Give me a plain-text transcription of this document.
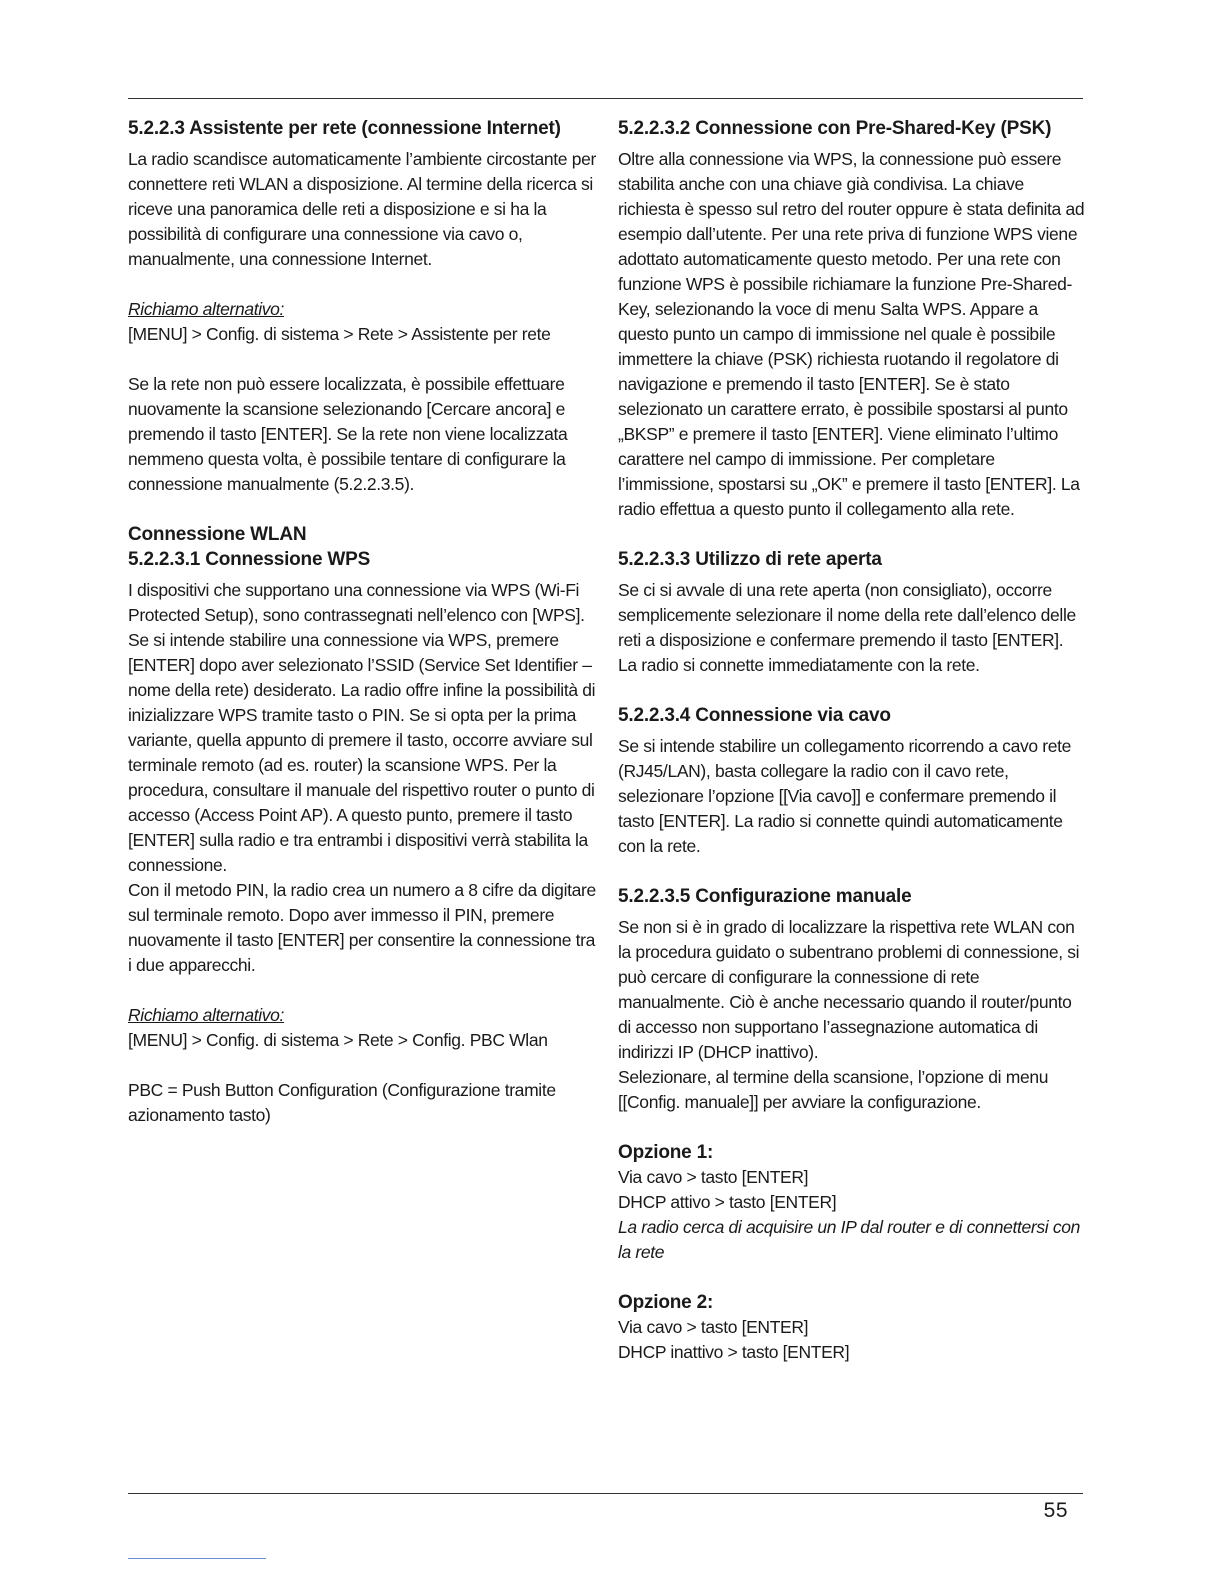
5.2.2.3 Assistente per rete (connessione Internet)

La radio scandisce automaticamente l’ambiente circostante per connettere reti WLAN a disposizione. Al termine della ricerca si riceve una panoramica delle reti a disposizione e si ha la possibilità di configurare una connessione via cavo o, manualmente, una connessione Internet.

Richiamo alternativo:

[MENU] > Config. di sistema > Rete > Assistente per rete

Se la rete non può essere localizzata, è possibile effettuare nuovamente la scansione selezionando [Cercare ancora] e premendo il tasto [ENTER]. Se la rete non viene localizzata nemmeno questa volta, è possibile tentare di configurare la connessione manualmente (5.2.2.3.5).

Connessione WLAN
5.2.2.3.1 Connessione WPS

I dispositivi che supportano una connessione via WPS (Wi-Fi Protected Setup), sono contrassegnati nell’elenco con [WPS]. Se si intende stabilire una connessione via WPS, premere [ENTER] dopo aver selezionato l’SSID (Service Set Identifier – nome della rete) desiderato. La radio offre infine la possibilità di inizializzare WPS tramite tasto o PIN. Se si opta per la prima variante, quella appunto di premere il tasto, occorre avviare sul terminale remoto (ad es. router) la scansione WPS. Per la procedura, consultare il manuale del rispettivo router o punto di accesso (Access Point AP). A questo punto, premere il tasto [ENTER] sulla radio e tra entrambi i dispositivi verrà stabilita la connessione.

Con il metodo PIN, la radio crea un numero a 8 cifre da digitare sul terminale remoto. Dopo aver immesso il PIN, premere nuovamente il tasto [ENTER] per consentire la connessione tra i due apparecchi.

Richiamo alternativo:

[MENU] > Config. di sistema > Rete > Config. PBC Wlan

PBC = Push Button Configuration (Configurazione tramite azionamento tasto)

5.2.2.3.2 Connessione con Pre-Shared-Key (PSK)

Oltre alla connessione via WPS, la connessione può essere stabilita anche con una chiave già condivisa. La chiave richiesta è spesso sul retro del router oppure è stata definita ad esempio dall’utente. Per una rete priva di funzione WPS viene adottato automaticamente questo metodo. Per una rete con funzione WPS è possibile richiamare la funzione Pre-Shared-Key, selezionando la voce di menu Salta WPS. Appare a questo punto un campo di immissione nel quale è possibile immettere la chiave (PSK) richiesta ruotando il regolatore di navigazione e premendo il tasto [ENTER]. Se è stato selezionato un carattere errato, è possibile spostarsi al punto „BKSP” e premere il tasto [ENTER]. Viene eliminato l’ultimo carattere nel campo di immissione. Per completare l’immissione, spostarsi su „OK” e premere il tasto [ENTER]. La radio effettua a questo punto il collegamento alla rete.

5.2.2.3.3 Utilizzo di rete aperta

Se ci si avvale di una rete aperta (non consigliato), occorre semplicemente selezionare il nome della rete dall’elenco delle reti a disposizione e confermare premendo il tasto [ENTER]. La radio si connette immediatamente con la rete.

5.2.2.3.4 Connessione via cavo

Se si intende stabilire un collegamento ricorrendo a cavo rete (RJ45/LAN), basta collegare la radio con il cavo rete, selezionare l’opzione [[Via cavo]] e confermare premendo il tasto [ENTER]. La radio si connette quindi automaticamente con la rete.

5.2.2.3.5 Configurazione manuale

Se non si è in grado di localizzare la rispettiva rete WLAN con la procedura guidato o subentrano problemi di connessione, si può cercare di configurare la connessione di rete manualmente. Ciò è anche necessario quando il router/punto di accesso non supportano l’assegnazione automatica di indirizzi IP (DHCP inattivo).

Selezionare, al termine della scansione, l’opzione di menu [[Config. manuale]] per avviare la configurazione.

Opzione 1:

Via cavo > tasto [ENTER]

DHCP attivo > tasto [ENTER]

La radio cerca di acquisire un IP dal router e di connettersi con la rete

Opzione 2:

Via cavo > tasto [ENTER]

DHCP inattivo > tasto [ENTER]

55
